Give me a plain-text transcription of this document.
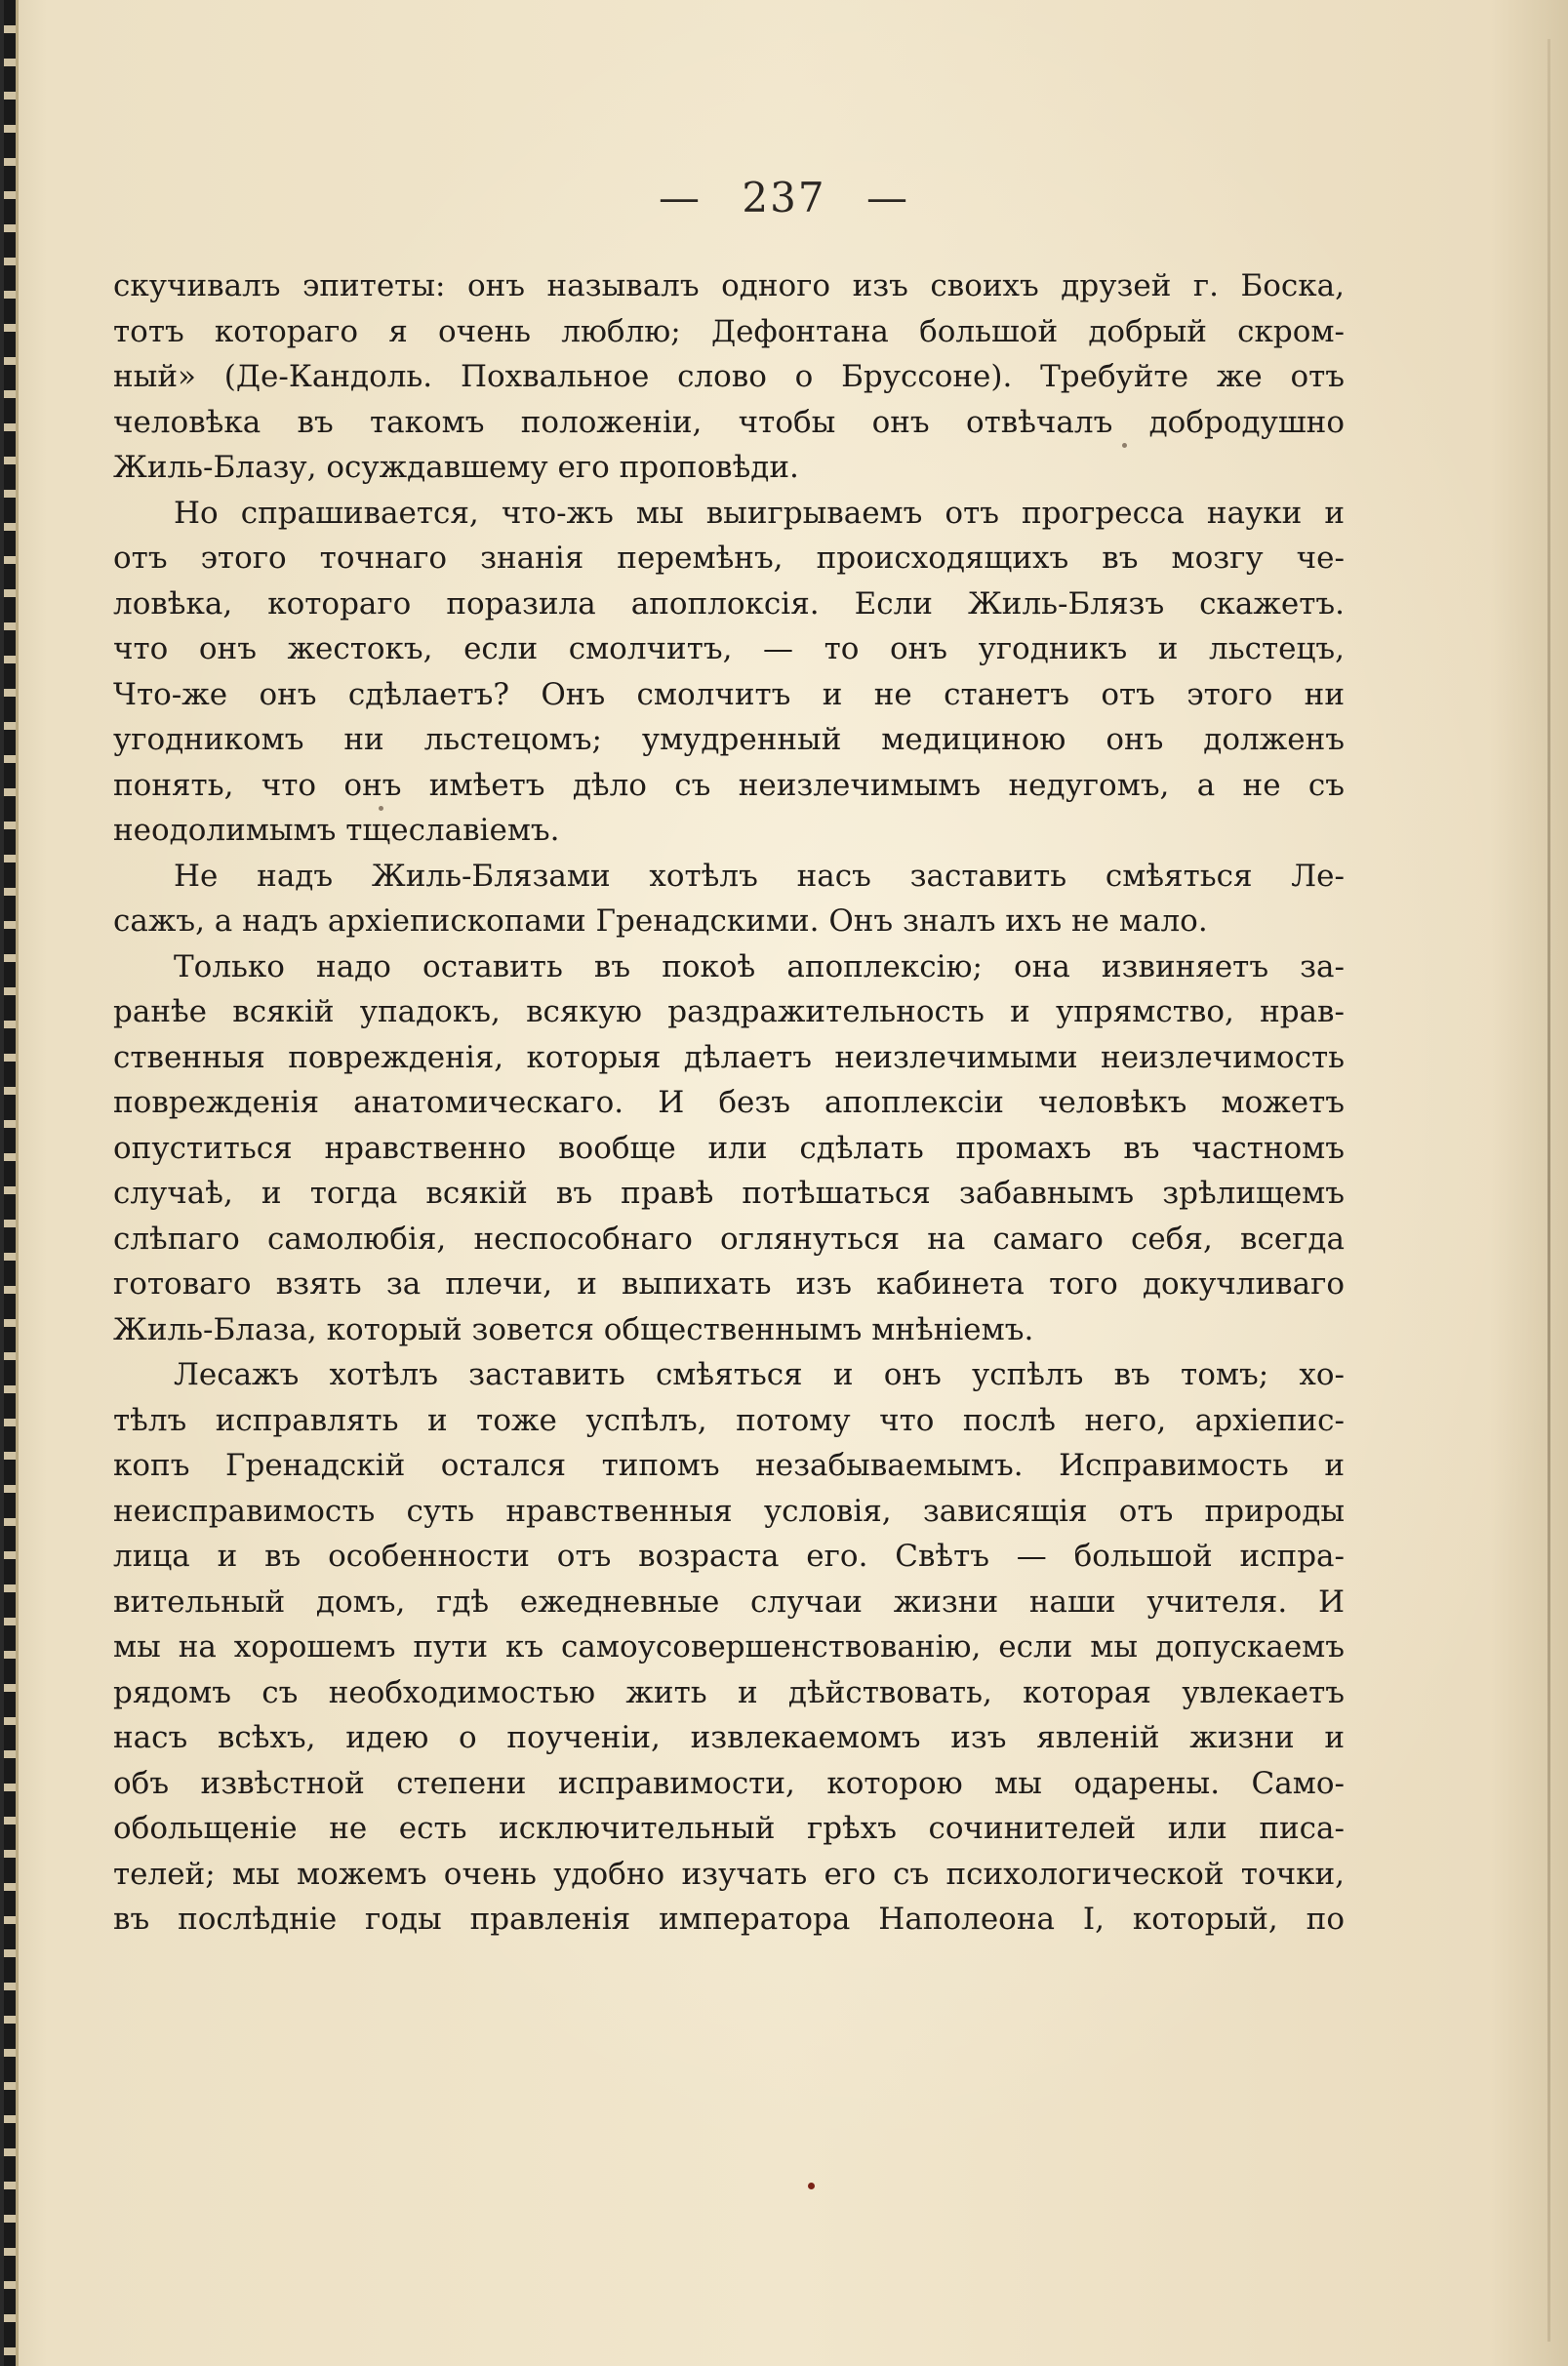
— 237 —
скучивалъ эпитеты: онъ называлъ одного изъ своихъ друзей г. Боска,
тотъ котораго я очень люблю; Дефонтана большой добрый скром-
ный» (Де-Кандоль. Похвальное слово о Бруссоне). Требуйте же отъ
человѣка въ такомъ положеніи, чтобы онъ отвѣчалъ добродушно
Жиль-Блазу, осуждавшему его проповѣди.
Но спрашивается, что-жъ мы выигрываемъ отъ прогресса науки и
отъ этого точнаго знанія перемѣнъ, происходящихъ въ мозгу че-
ловѣка, котораго поразила апоплоксія. Если Жиль-Блязъ скажетъ.
что онъ жестокъ, если смолчитъ, — то онъ угодникъ и льстецъ,
Что-же онъ сдѣлаетъ? Онъ смолчитъ и не станетъ отъ этого ни
угодникомъ ни льстецомъ; умудренный медициною онъ долженъ
понять, что онъ имѣетъ дѣло съ неизлечимымъ недугомъ, а не съ
неодолимымъ тщеславіемъ.
Не надъ Жиль-Блязами хотѣлъ насъ заставить смѣяться Ле-
сажъ, а надъ архіепископами Гренадскими. Онъ зналъ ихъ не мало.
Только надо оставить въ покоѣ апоплексію; она извиняетъ за-
ранѣе всякій упадокъ, всякую раздражительность и упрямство, нрав-
ственныя поврежденія, которыя дѣлаетъ неизлечимыми неизлечимость
поврежденія анатомическаго. И безъ апоплексіи человѣкъ можетъ
опуститься нравственно вообще или сдѣлать промахъ въ частномъ
случаѣ, и тогда всякій въ правѣ потѣшаться забавнымъ зрѣлищемъ
слѣпаго самолюбія, неспособнаго оглянуться на самаго себя, всегда
готоваго взять за плечи, и выпихать изъ кабинета того докучливаго
Жиль-Блаза, который зовется общественнымъ мнѣніемъ.
Лесажъ хотѣлъ заставить смѣяться и онъ успѣлъ въ томъ; хо-
тѣлъ исправлять и тоже успѣлъ, потому что послѣ него, архіепис-
копъ Гренадскій остался типомъ незабываемымъ. Исправимость и
неисправимость суть нравственныя условія, зависящія отъ природы
лица и въ особенности отъ возраста его. Свѣтъ — большой испра-
вительный домъ, гдѣ ежедневные случаи жизни наши учителя. И
мы на хорошемъ пути къ самоусовершенствованію, если мы допускаемъ
рядомъ съ необходимостью жить и дѣйствовать, которая увлекаетъ
насъ всѣхъ, идею о поученіи, извлекаемомъ изъ явленій жизни и
объ извѣстной степени исправимости, которою мы одарены. Само-
обольщеніе не есть исключительный грѣхъ сочинителей или писа-
телей; мы можемъ очень удобно изучать его съ психологической точки,
въ послѣдніе годы правленія императора Наполеона I, который, по
